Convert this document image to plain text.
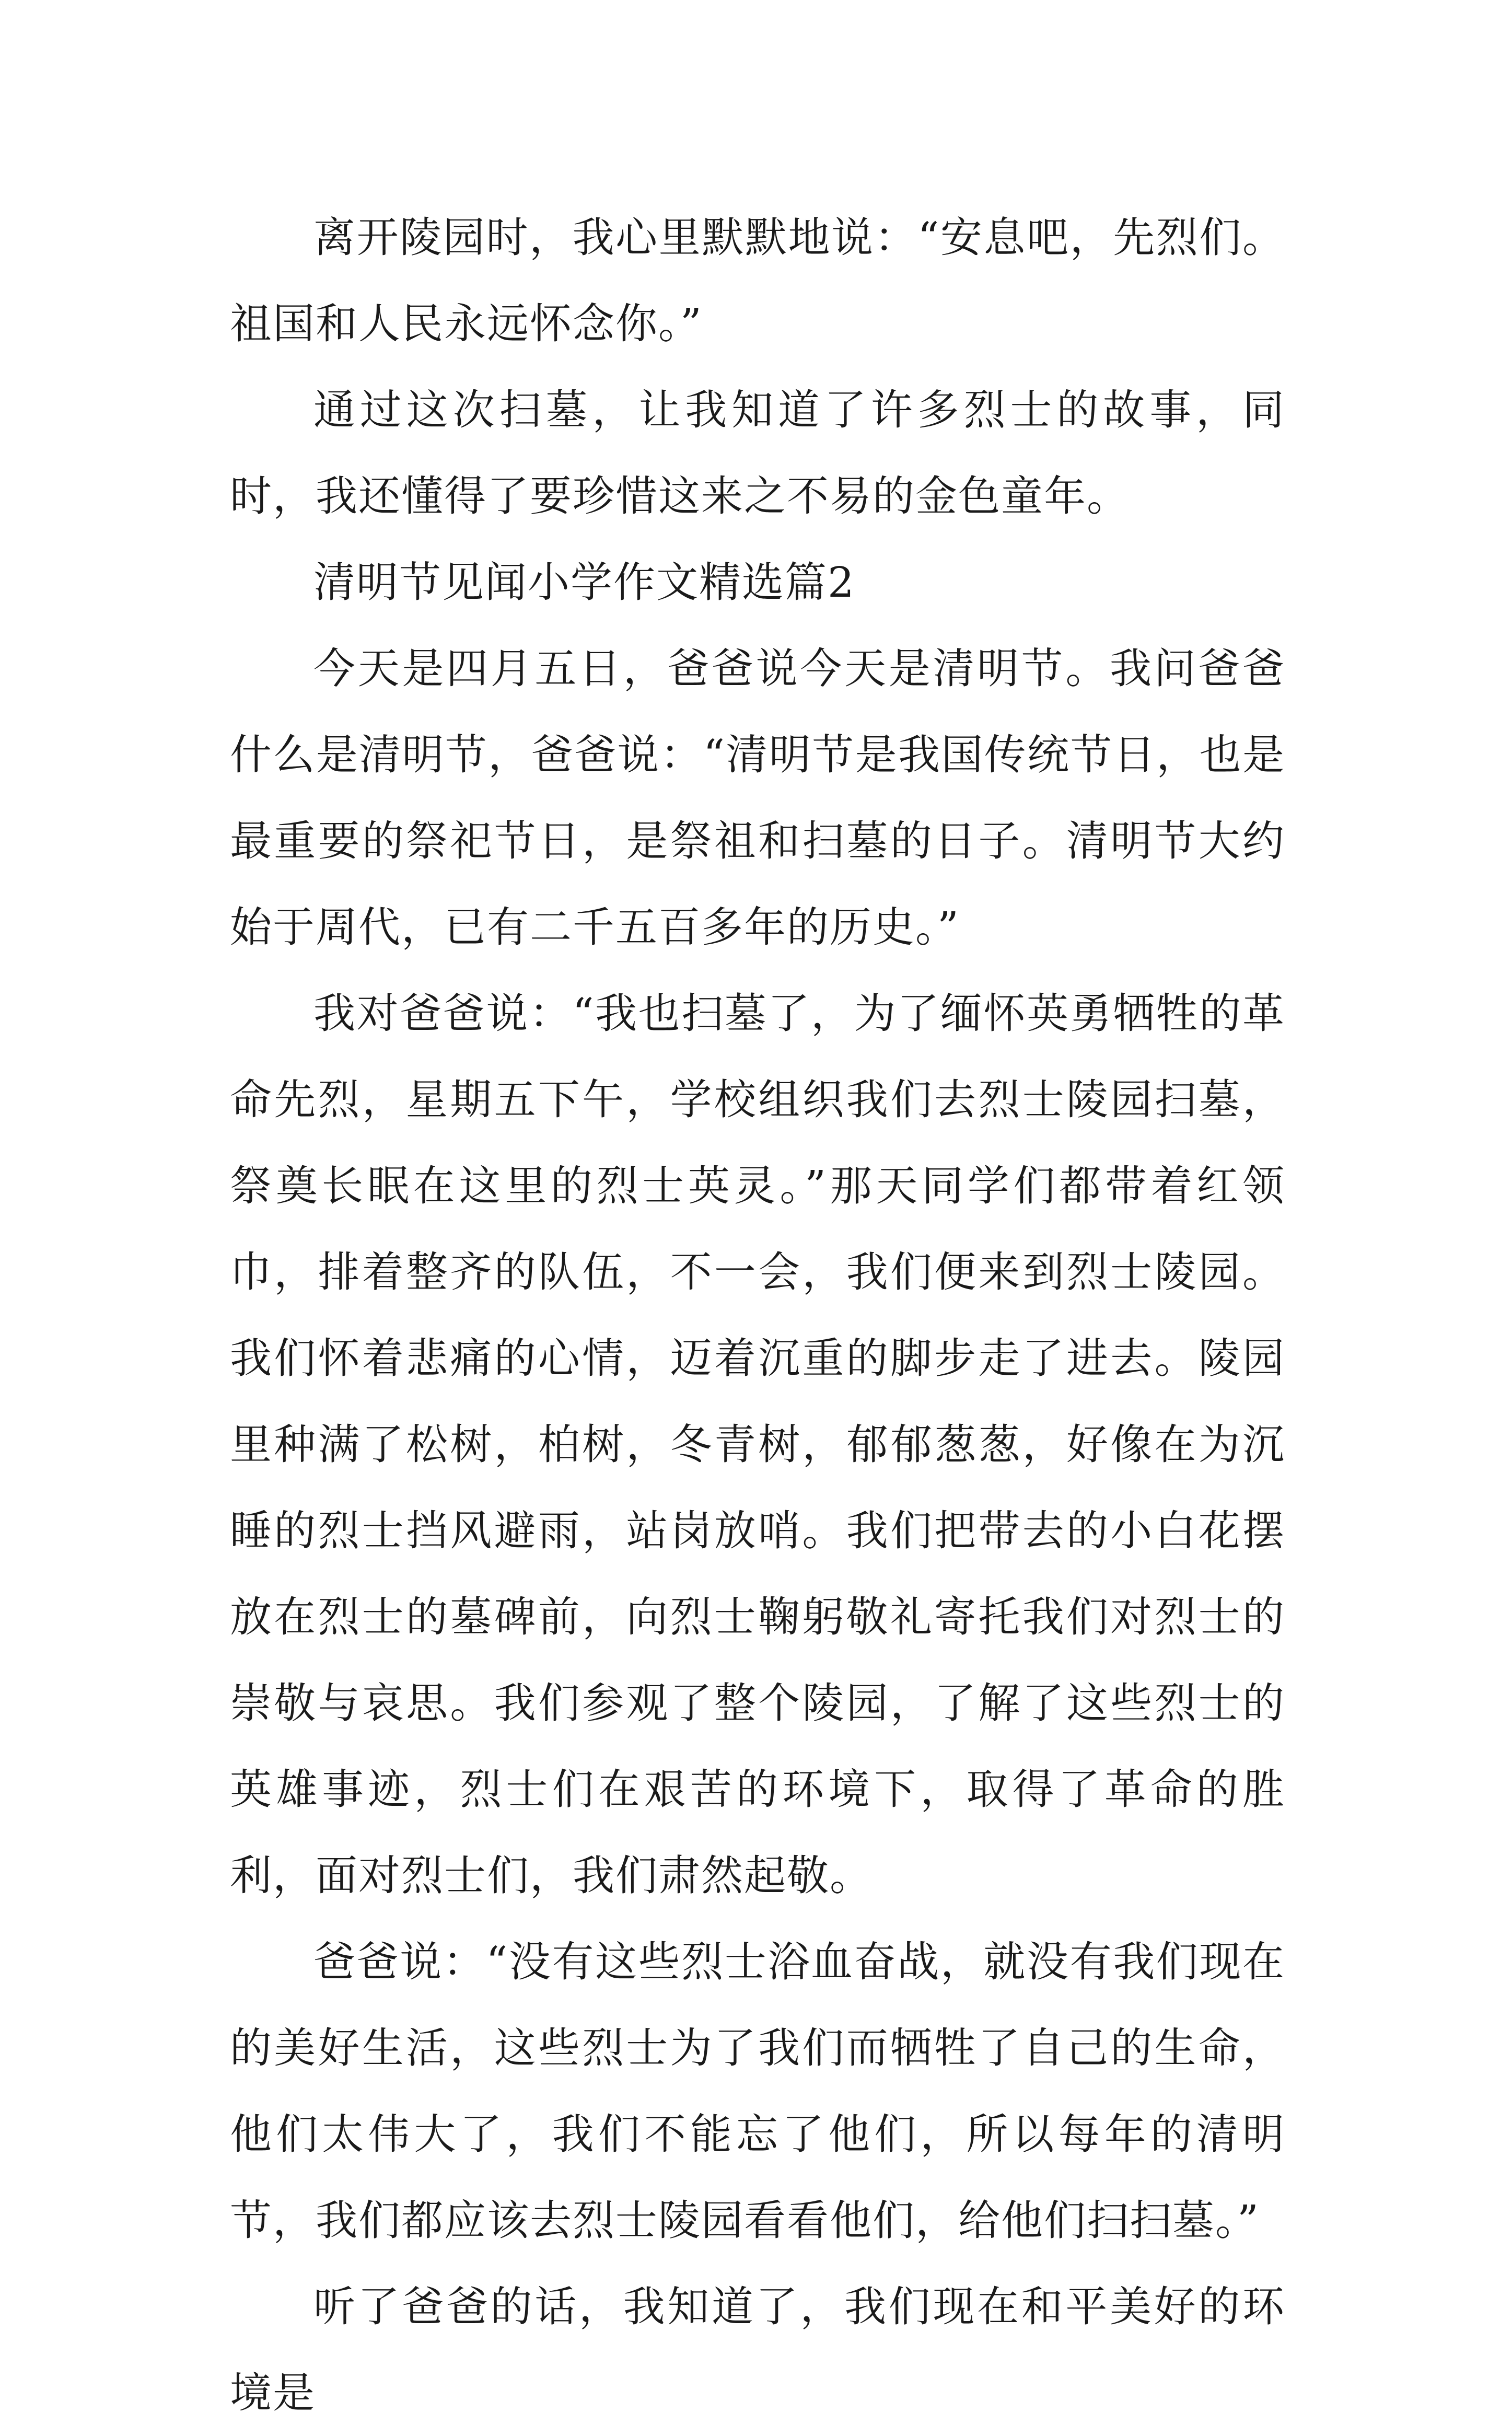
离开陵园时，我心里默默地说：“安息吧，先烈们。祖国和人民永远怀念你。”

通过这次扫墓，让我知道了许多烈士的故事，同时，我还懂得了要珍惜这来之不易的金色童年。

清明节见闻小学作文精选篇2

今天是四月五日，爸爸说今天是清明节。我问爸爸什么是清明节，爸爸说：“清明节是我国传统节日，也是最重要的祭祀节日，是祭祖和扫墓的日子。清明节大约始于周代，已有二千五百多年的历史。”

我对爸爸说：“我也扫墓了，为了缅怀英勇牺牲的革命先烈，星期五下午，学校组织我们去烈士陵园扫墓，祭奠长眠在这里的烈士英灵。”那天同学们都带着红领巾，排着整齐的队伍，不一会，我们便来到烈士陵园。我们怀着悲痛的心情，迈着沉重的脚步走了进去。陵园里种满了松树，柏树，冬青树，郁郁葱葱，好像在为沉睡的烈士挡风避雨，站岗放哨。我们把带去的小白花摆放在烈士的墓碑前，向烈士鞠躬敬礼寄托我们对烈士的崇敬与哀思。我们参观了整个陵园，了解了这些烈士的英雄事迹，烈士们在艰苦的环境下，取得了革命的胜利，面对烈士们，我们肃然起敬。

爸爸说：“没有这些烈士浴血奋战，就没有我们现在的美好生活，这些烈士为了我们而牺牲了自己的生命，他们太伟大了，我们不能忘了他们，所以每年的清明节，我们都应该去烈士陵园看看他们，给他们扫扫墓。”

听了爸爸的话，我知道了，我们现在和平美好的环境是
